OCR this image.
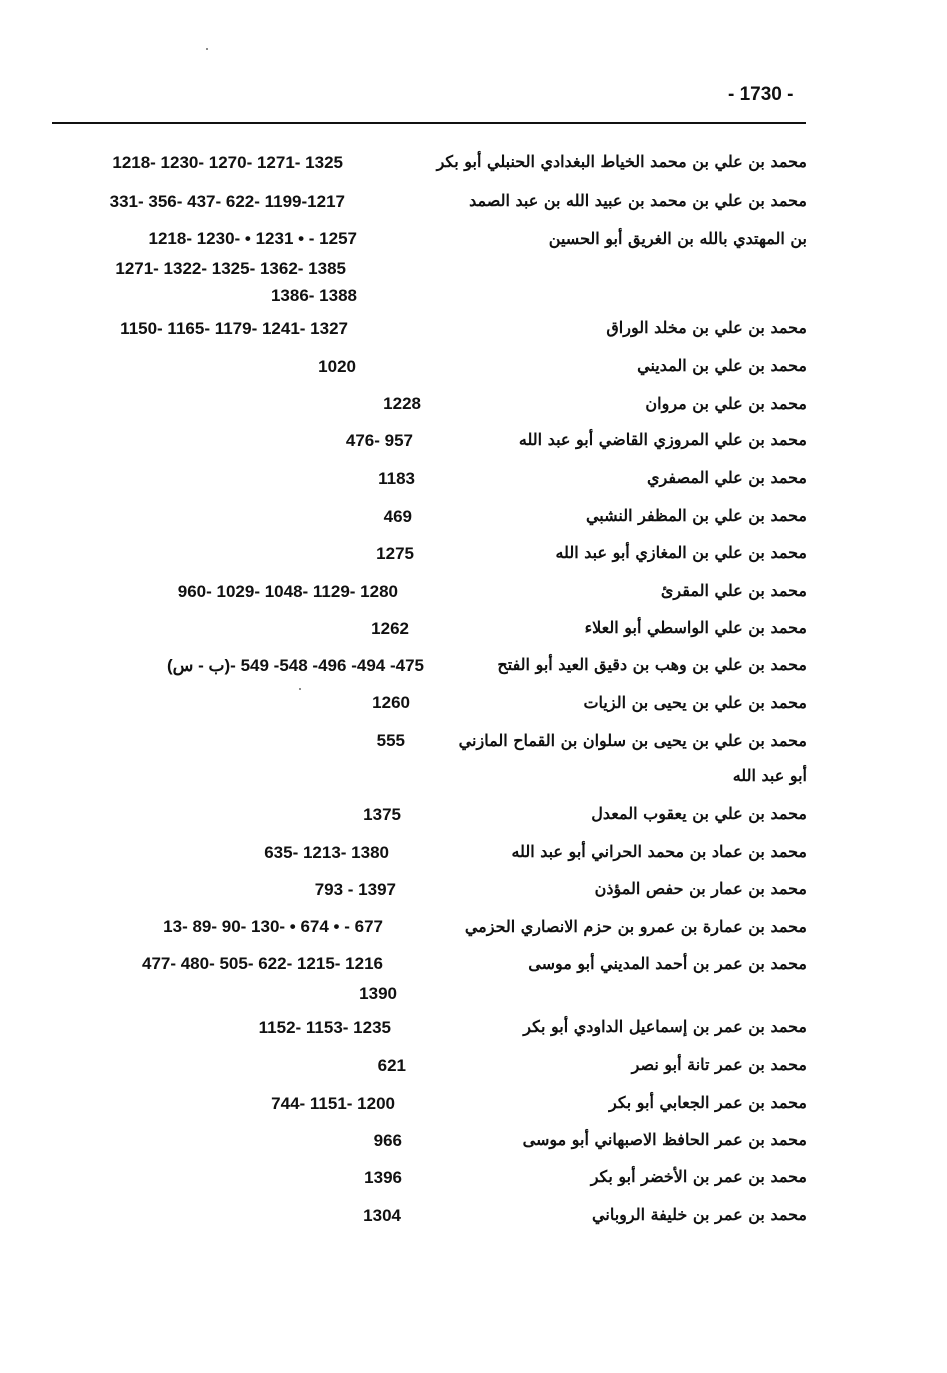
- 1730 -
محمد بن علي بن محمد الخياط البغدادي الحنبلي أبو بكر
1218- 1230- 1270- 1271- 1325
محمد بن علي بن محمد بن عبيد الله بن عبد الصمد
331- 356- 437- 622- 1199-1217
بن المهتدي بالله بن الغريق أبو الحسين
1218- 1230- • 1231 • - 1257
1271- 1322- 1325- 1362- 1385
1386- 1388
محمد بن علي بن مخلد الوراق
1150- 1165- 1179- 1241- 1327
محمد بن علي بن المديني
1020
محمد بن علي بن مروان
1228
محمد بن علي المروزي القاضي أبو عبد الله
476- 957
محمد بن علي المصفري
1183
محمد بن علي بن المظفر النشبي
469
محمد بن علي بن المغازي أبو عبد الله
1275
محمد بن علي المقرئ
960- 1029- 1048- 1129- 1280
محمد بن علي الواسطي أبو العلاء
1262
محمد بن علي بن وهب بن دقيق العيد أبو الفتح
(ب - س)- 475- 494- 496- 548- 549
محمد بن علي بن يحيى بن الزيات
1260
محمد بن علي بن يحيى بن سلوان بن القماح المازني
أبو عبد الله
555
محمد بن علي بن يعقوب المعدل
1375
محمد بن عماد بن محمد الحراني أبو عبد الله
635- 1213- 1380
محمد بن عمار بن حفص المؤذن
793 - 1397
محمد بن عمارة بن عمرو بن حزم الانصاري الحزمي
13- 89- 90- 130- • 674 • - 677
محمد بن عمر بن أحمد المديني أبو موسى
477- 480- 505- 622- 1215- 1216
1390
محمد بن عمر بن إسماعيل الداودي أبو بكر
1152- 1153- 1235
محمد بن عمر تانة أبو نصر
621
محمد بن عمر الجعابي أبو بكر
744- 1151- 1200
محمد بن عمر الحافظ الاصبهاني أبو موسى
966
محمد بن عمر بن الأخضر أبو بكر
1396
محمد بن عمر بن خليفة الروباني
1304
